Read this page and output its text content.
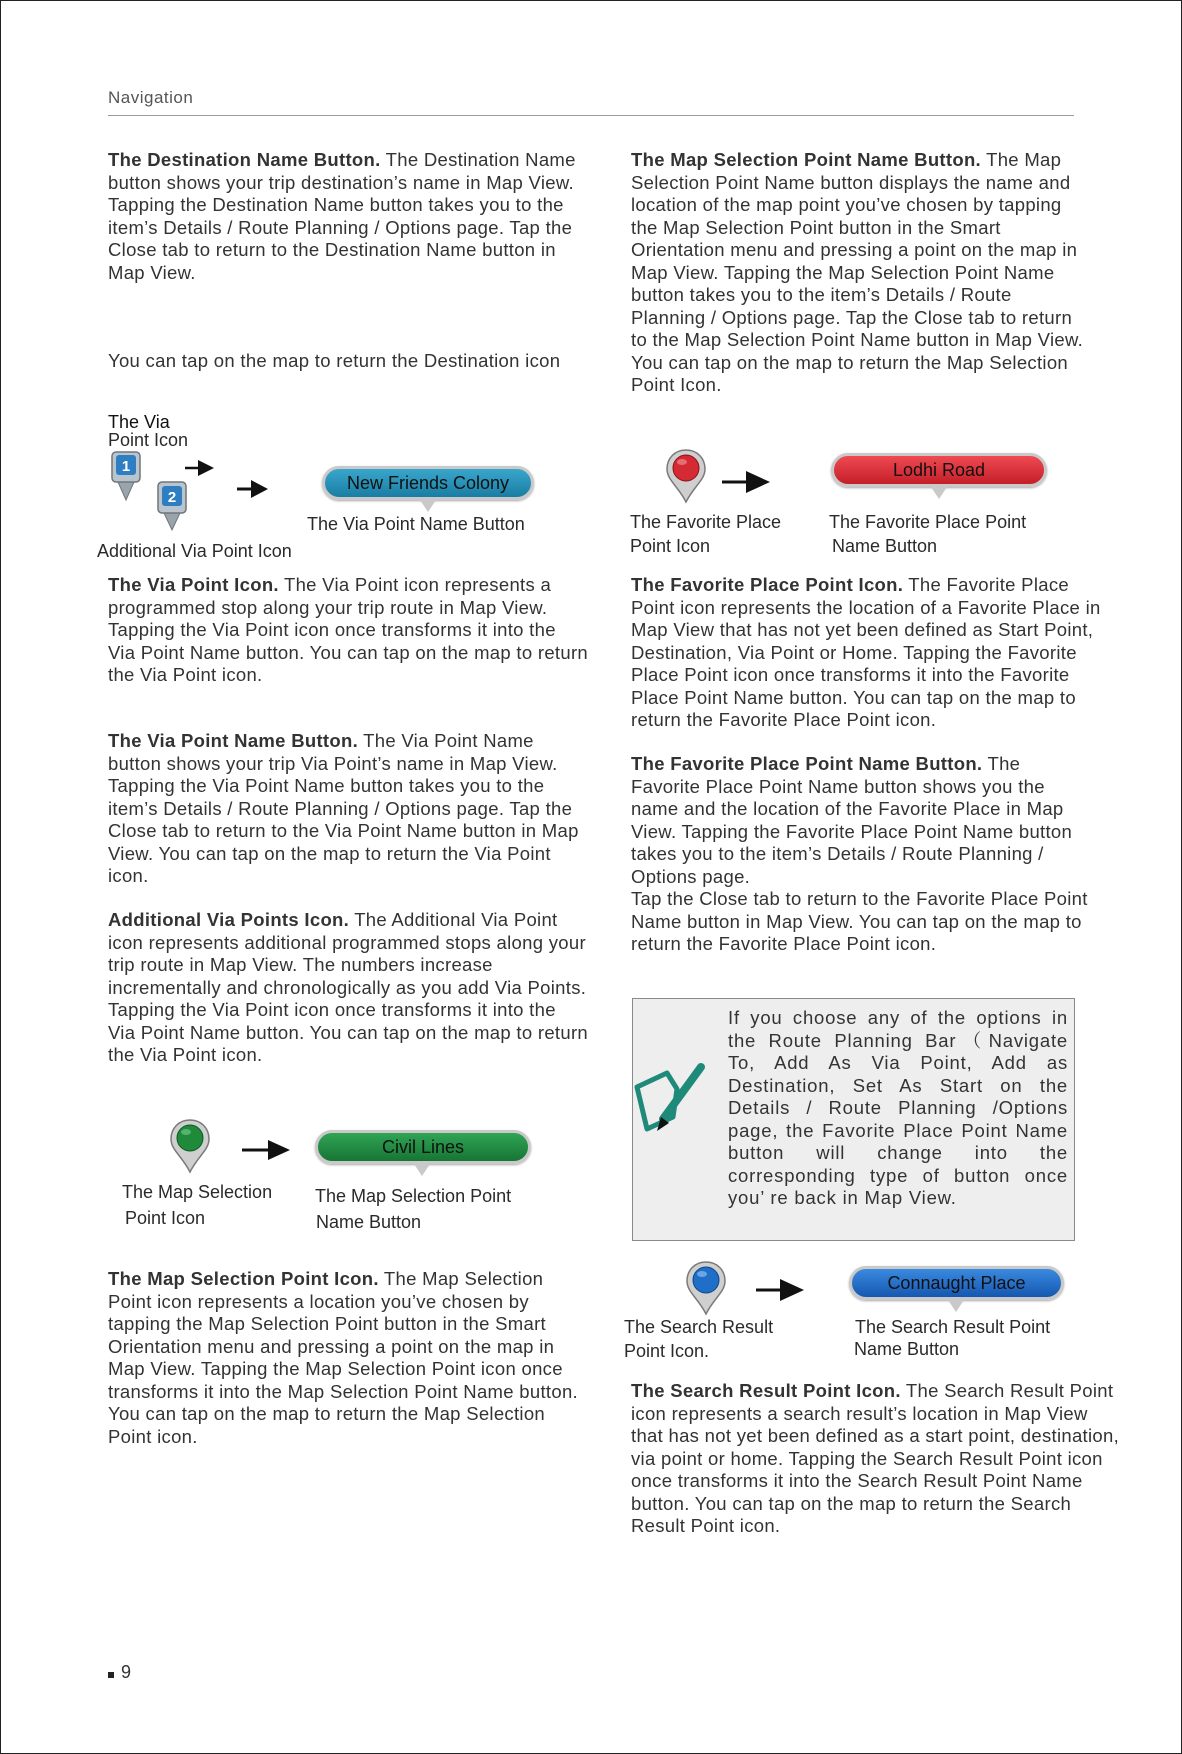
Navigation

The Destination Name Button. The Destination Name button shows your trip destination’s name in Map View. Tapping the Destination Name button takes you to the item’s Details / Route Planning / Options page. Tap the Close tab to return to the Destination Name button in Map View.

You can tap on the map to return the Destination icon

The Via
Point Icon
1
2
New Friends Colony
The Via Point Name Button
Additional Via Point Icon

The Via Point Icon. The Via Point icon represents a programmed stop along your trip route in Map View. Tapping the Via Point icon once transforms it into the Via Point Name button. You can tap on the map to return the Via Point icon.

The Via Point Name Button. The Via Point Name button shows your trip Via Point’s name in Map View. Tapping the Via Point Name button takes you to the item’s Details / Route Planning / Options page. Tap the Close tab to return to the Via Point Name button in Map View. You can tap on the map to return the Via Point icon.

Additional Via Points Icon. The Additional Via Point icon represents additional programmed stops along your trip route in Map View. The numbers increase incrementally and chronologically as you add Via Points. Tapping the Via Point icon once transforms it into the Via Point Name button. You can tap on the map to return the Via Point icon.

Civil Lines
The Map Selection
Point Icon
The Map Selection Point
Name Button

The Map Selection Point Icon. The Map Selection Point icon represents a location you’ve chosen by tapping the Map Selection Point button in the Smart Orientation menu and pressing a point on the map in Map View. Tapping the Map Selection Point icon once transforms it into the Map Selection Point Name button. You can tap on the map to return the Map Selection Point icon.

The Map Selection Point Name Button. The Map Selection Point Name button displays the name and location of the map point you’ve chosen by tapping the Map Selection Point button in the Smart Orientation menu and pressing a point on the map in Map View. Tapping the Map Selection Point Name button takes you to the item’s Details / Route Planning / Options page. Tap the Close tab to return to the Map Selection Point Name button in Map View. You can tap on the map to return the Map Selection Point Icon.

Lodhi Road
The Favorite Place
Point Icon
The Favorite Place Point
Name Button

The Favorite Place Point Icon. The Favorite Place Point icon represents the location of a Favorite Place in Map View that has not yet been defined as Start Point, Destination, Via Point or Home. Tapping the Favorite Place Point icon once transforms it into the Favorite Place Point Name button. You can tap on the map to return the Favorite Place Point icon.

The Favorite Place Point Name Button. The Favorite Place Point Name button shows you the name and the location of the Favorite Place in Map View. Tapping the Favorite Place Point Name button takes you to the item’s Details / Route Planning / Options page.

Tap the Close tab to return to the Favorite Place Point Name button in Map View. You can tap on the map to return the Favorite Place Point icon.

If you choose any of the options in the Route Planning Bar（Navigate To, Add As Via Point, Add as Destination, Set As Start on the Details / Route Planning /Options page, the Favorite Place Point Name button will change into the corresponding type of button once you’ re back in Map View.
Connaught Place
The Search Result
Point Icon.
The Search Result Point
Name Button

The Search Result Point Icon. The Search Result Point icon represents a search result’s location in Map View that has not yet been defined as a start point, destination, via point or home. Tapping the Search Result Point icon once transforms it into the Search Result Point Name button. You can tap on the map to return the Search Result Point icon.

9
